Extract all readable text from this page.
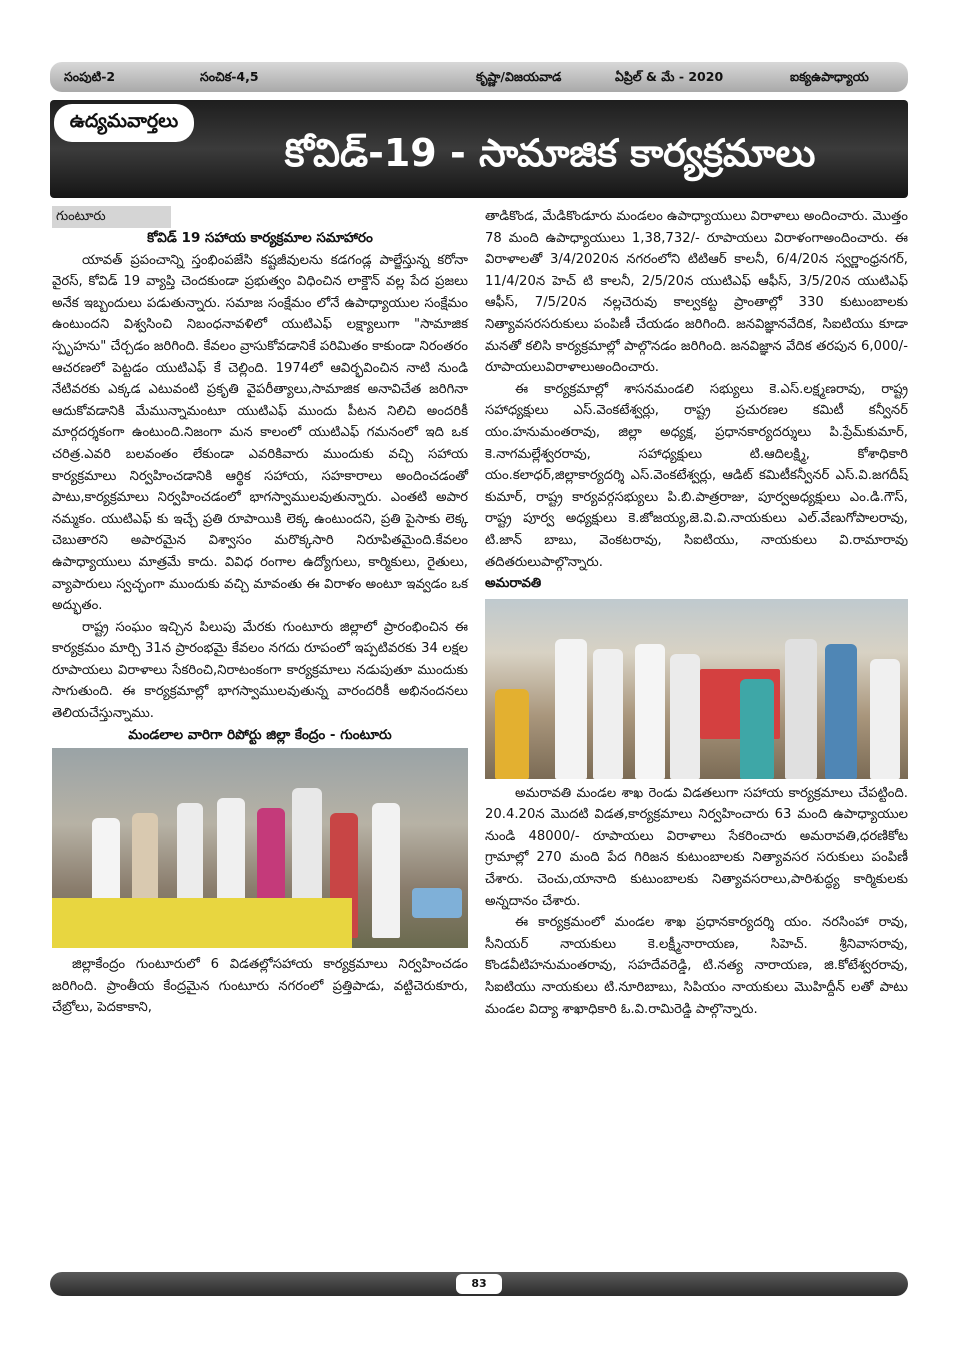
సంపుటి-2	సంచిక-4,5	కృష్ణా/విజయవాడ	ఏప్రిల్ & మే - 2020	ఐక్యఉపాధ్యాయ
ఉద్యమవార్తలు
కోవిడ్-19 - సామాజిక కార్యక్రమాలు

గుంటూరు

కోవిడ్ 19 సహాయ కార్యక్రమాల సమాహారం

యావత్ ప్రపంచాన్ని స్తంభింపజేసి కష్టజీవులను కడగండ్ల పాల్జేస్తున్న కరోనా వైరస్, కోవిడ్ 19 వ్యాప్తి చెందకుండా ప్రభుత్వం విధించిన లాక్డౌన్ వల్ల పేద ప్రజలు అనేక ఇబ్బందులు పడుతున్నారు. సమాజ సంక్షేమం లోనే ఉపాధ్యాయుల సంక్షేమం ఉంటుందని విశ్వసించి నిబంధనావళిలో యుటిఎఫ్ లక్ష్యాలుగా "సామాజిక స్పృహను" చేర్చడం జరిగింది. కేవలం వ్రాసుకోవడానికే పరిమితం కాకుండా నిరంతరం ఆచరణలో పెట్టడం యుటిఎఫ్ కే చెల్లింది. 1974లో ఆవిర్భవించిన నాటి నుండి నేటివరకు ఎక్కడ ఎటువంటి ప్రకృతి వైపరీత్యాలు,సామాజిక అనావిచేత జరిగినా ఆదుకోవడానికి మేమున్నామంటూ యుటిఎఫ్ ముందు పీటన నిలిచి అందరికీ మార్గదర్శకంగా ఉంటుంది.నిజంగా మన కాలంలో యుటిఎఫ్ గమనంలో ఇది ఒక చరిత్ర.ఎవరి బలవంతం లేకుండా ఎవరికివారు ముందుకు వచ్చి సహాయ కార్యక్రమాలు నిర్వహించడానికి ఆర్థిక సహాయ, సహకారాలు అందించడంతో పాటు,కార్యక్రమాలు నిర్వహించడంలో భాగస్వాములవుతున్నారు. ఎంతటి అపార నమ్మకం. యుటిఎఫ్ కు ఇచ్చే ప్రతి రూపాయికి లెక్క ఉంటుందని, ప్రతి పైసాకు లెక్క చెబుతారని అపారమైన విశ్వాసం మరొక్కసారి నిరూపితమైంది.కేవలం ఉపాధ్యాయులు మాత్రమే కాదు. వివిధ రంగాల ఉద్యోగులు, కార్మికులు, రైతులు, వ్యాపారులు స్వచ్ఛంగా ముందుకు వచ్చి మావంతు ఈ విరాళం అంటూ ఇవ్వడం ఒక అద్భుతం.

రాష్ట్ర సంఘం ఇచ్చిన పిలుపు మేరకు గుంటూరు జిల్లాలో ప్రారంభించిన ఈ కార్యక్రమం మార్చి 31న ప్రారంభమై కేవలం నగదు రూపంలో ఇప్పటివరకు 34 లక్షల రూపాయలు విరాళాలు సేకరించి,నిరాటంకంగా కార్యక్రమాలు నడుపుతూ ముందుకు సాగుతుంది. ఈ కార్యక్రమాల్లో భాగస్వాములవుతున్న వారందరికీ అభినందనలు తెలియచేస్తున్నాము.

మండలాల వారిగా రిపోర్టు జిల్లా కేంద్రం - గుంటూరు

జిల్లాకేంద్రం గుంటూరులో 6 విడతల్లోసహాయ కార్యక్రమాలు నిర్వహించడం జరిగింది. ప్రాంతీయ కేంద్రమైన గుంటూరు నగరంలో ప్రత్తిపాడు, వట్టిచెరుకూరు, చేబ్రోలు, పెదకాకాని,

తాడికొండ, మేడికొండూరు మండలం ఉపాధ్యాయులు విరాళాలు అందించారు. మొత్తం 78 మంది ఉపాధ్యాయులు 1,38,732/- రూపాయలు విరాళంగాఅందించారు. ఈ విరాళాలతో 3/4/2020న నగరంలోని టిటిఆర్ కాలనీ, 6/4/20న స్వర్ణాంధ్రనగర్, 11/4/20న హెచ్ టి కాలనీ, 2/5/20న యుటిఎఫ్ ఆఫీస్, 3/5/20న యుటిఎఫ్ ఆఫీస్, 7/5/20న నల్లచెరువు కాల్వకట్ట ప్రాంతాల్లో 330 కుటుంబాలకు నిత్యావసరసరుకులు పంపిణీ చేయడం జరిగింది. జనవిజ్ఞానవేదిక, సిఐటియు కూడా మనతో కలిసి కార్యక్రమాల్లో పాల్గొనడం జరిగింది. జనవిజ్ఞాన వేదిక తరపున 6,000/-రూపాయలువిరాళాలుఅందించారు.

ఈ కార్యక్రమాల్లో శాసనమండలి సభ్యులు కె.ఎస్.లక్ష్మణరావు, రాష్ట్ర సహాధ్యక్షులు ఎస్.వెంకటేశ్వర్లు, రాష్ట్ర ప్రచురణల కమిటీ కన్వీనర్ యం.హనుమంతరావు, జిల్లా అధ్యక్ష, ప్రధానకార్యదర్శులు పి.ప్రేమ్‌కుమార్, కె.నాగమల్లేశ్వరరావు, సహాధ్యక్షులు టి.ఆదిలక్ష్మి, కోశాధికారి యం.కలాధర్,జిల్లాకార్యదర్శి ఎస్.వెంకటేశ్వర్లు, ఆడిట్ కమిటీకన్వీనర్ ఎస్.వి.జగదీష్ కుమార్, రాష్ట్ర కార్యవర్గసభ్యులు పి.బి.పాత్రరాజు, పూర్వఅధ్యక్షులు ఎం.డి.గౌస్, రాష్ట్ర పూర్వ అధ్యక్షులు కె.జోజయ్య,జె.వి.వి.నాయకులు ఎల్.వేణుగోపాలరావు, టి.జాన్ బాబు, వెంకటరావు, సిఐటియు, నాయకులు వి.రామారావు తదితరులుపాల్గొన్నారు.

అమరావతి

అమరావతి మండల శాఖ రెండు విడతలుగా సహాయ కార్యక్రమాలు చేపట్టింది. 20.4.20న మొదటి విడత,కార్యక్రమాలు నిర్వహించారు 63 మంది ఉపాధ్యాయుల నుండి 48000/- రూపాయలు విరాళాలు సేకరించారు అమరావతి,ధరణికోట గ్రామాల్లో 270 మంది పేద గిరిజన కుటుంబాలకు నిత్యావసర సరుకులు పంపిణీ చేశారు. చెంచు,యానాది కుటుంబాలకు నిత్యావసరాలు,పారిశుద్ధ్య కార్మికులకు అన్నదానం చేశారు.

ఈ కార్యక్రమంలో మండల శాఖ ప్రధానకార్యదర్శి యం. నరసింహా రావు, సీనియర్ నాయకులు కె.లక్ష్మీనారాయణ, సిహెచ్. శ్రీనివాసరావు, కొండవీటిహనుమంతరావు, సహదేవరెడ్డి, టి.నత్య నారాయణ, జి.కోటేశ్వరరావు, సిఐటియు నాయకులు టి.నూరిబాబు, సిపియం నాయకులు మొహిద్దీన్ లతో పాటు మండల విద్యా శాఖాధికారి ఓ.వి.రామిరెడ్డి పాల్గొన్నారు.

83
